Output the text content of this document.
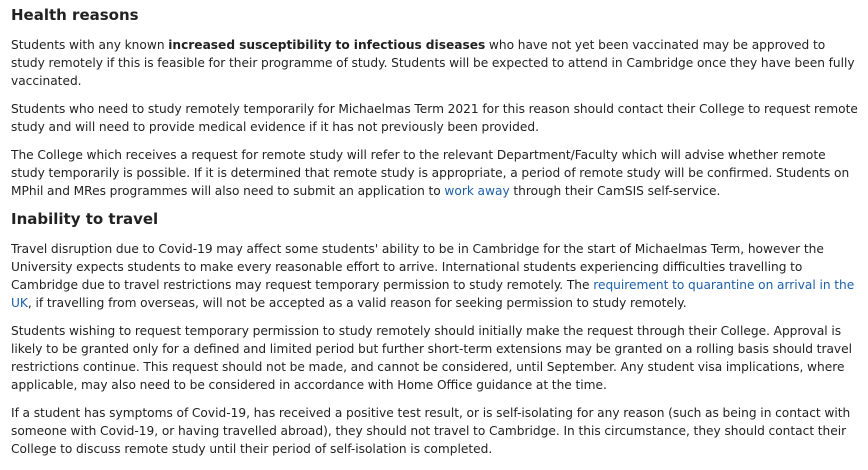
Health reasons

Students with any known increased susceptibility to infectious diseases who have not yet been vaccinated may be approved to study remotely if this is feasible for their programme of study. Students will be expected to attend in Cambridge once they have been fully vaccinated.

Students who need to study remotely temporarily for Michaelmas Term 2021 for this reason should contact their College to request remote study and will need to provide medical evidence if it has not previously been provided.

The College which receives a request for remote study will refer to the relevant Department/Faculty which will advise whether remote study temporarily is possible. If it is determined that remote study is appropriate, a period of remote study will be confirmed. Students on MPhil and MRes programmes will also need to submit an application to work away through their CamSIS self-service.

Inability to travel

Travel disruption due to Covid-19 may affect some students' ability to be in Cambridge for the start of Michaelmas Term, however the University expects students to make every reasonable effort to arrive. International students experiencing difficulties travelling to Cambridge due to travel restrictions may request temporary permission to study remotely. The requirement to quarantine on arrival in the UK, if travelling from overseas, will not be accepted as a valid reason for seeking permission to study remotely.

Students wishing to request temporary permission to study remotely should initially make the request through their College. Approval is likely to be granted only for a defined and limited period but further short-term extensions may be granted on a rolling basis should travel restrictions continue. This request should not be made, and cannot be considered, until September. Any student visa implications, where applicable, may also need to be considered in accordance with Home Office guidance at the time.

If a student has symptoms of Covid-19, has received a positive test result, or is self-isolating for any reason (such as being in contact with someone with Covid-19, or having travelled abroad), they should not travel to Cambridge. In this circumstance, they should contact their College to discuss remote study until their period of self-isolation is completed.
